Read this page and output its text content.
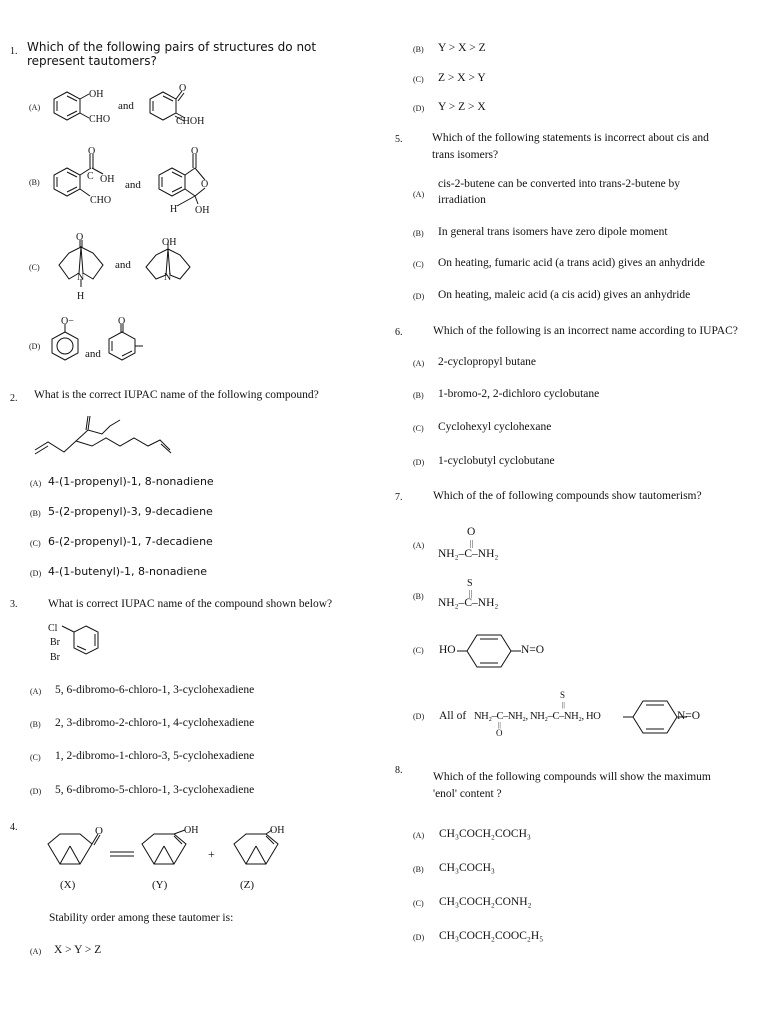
1. Which of the following pairs of structures do not represent tautomers?
(A)
OH
CHO
and
O
CHOH
(B)
O
C OH and
CHO
O
O
H OH
(C)
O
N
H
and
OH
N
(D)
O−
and
O
2. What is the correct IUPAC name of the following compound?
(A) 4-(1-propenyl)-1, 8-nonadiene
(B) 5-(2-propenyl)-3, 9-decadiene
(C) 6-(2-propenyl)-1, 7-decadiene
(D) 4-(1-butenyl)-1, 8-nonadiene
3.	What is correct IUPAC name of the compound shown below?
Cl
Br
Br
(A) 5, 6-dibromo-6-chloro-1, 3-cyclohexadiene
(B) 2, 3-dibromo-2-chloro-1, 4-cyclohexadiene
(C) 1, 2-dibromo-1-chloro-3, 5-cyclohexadiene
(D) 5, 6-dibromo-5-chloro-1, 3-cyclohexadiene
4.	O	OH
+
OH
(X)	(Y)	(Z)
Stability order among these tautomer is:
(A) X > Y > Z
(B) Y > X > Z
(C) Z > X > Y
(D) Y > Z > X
5.	Which of the following statements is incorrect about cis and
trans isomers?
(A)
cis-2-butene can be converted into trans-2-butene by
irradiation
(B) In general trans isomers have zero dipole moment
(C) On heating, fumaric acid (a trans acid) gives an anhydride
(D) On heating, maleic acid (a cis acid) gives an anhydride
6.	Which of the following is an incorrect name according to IUPAC?
(A) 2-cyclopropyl butane
(B) 1-bromo-2, 2-dichloro cyclobutane
(C) Cyclohexyl cyclohexane
(D) 1-cyclobutyl cyclobutane
7.	Which of the of following compounds show tautomerism?
(A)
O
||
NH₂–C–NH₂
(B)
S
||
NH₂–C–NH₂
(C) HO	N=O
(D)
S
||
All of NH₂–C–NH₂, NH₂–C–NH₂, HO
||
O
N=O
8.
Which of the following compounds will show the maximum
'enol' content ?
(A) CH₃COCH₂COCH₃
(B) CH₃COCH₃
(C) CH₃COCH₂CONH₂
(D) CH₃COCH₂COOC₂H₅
